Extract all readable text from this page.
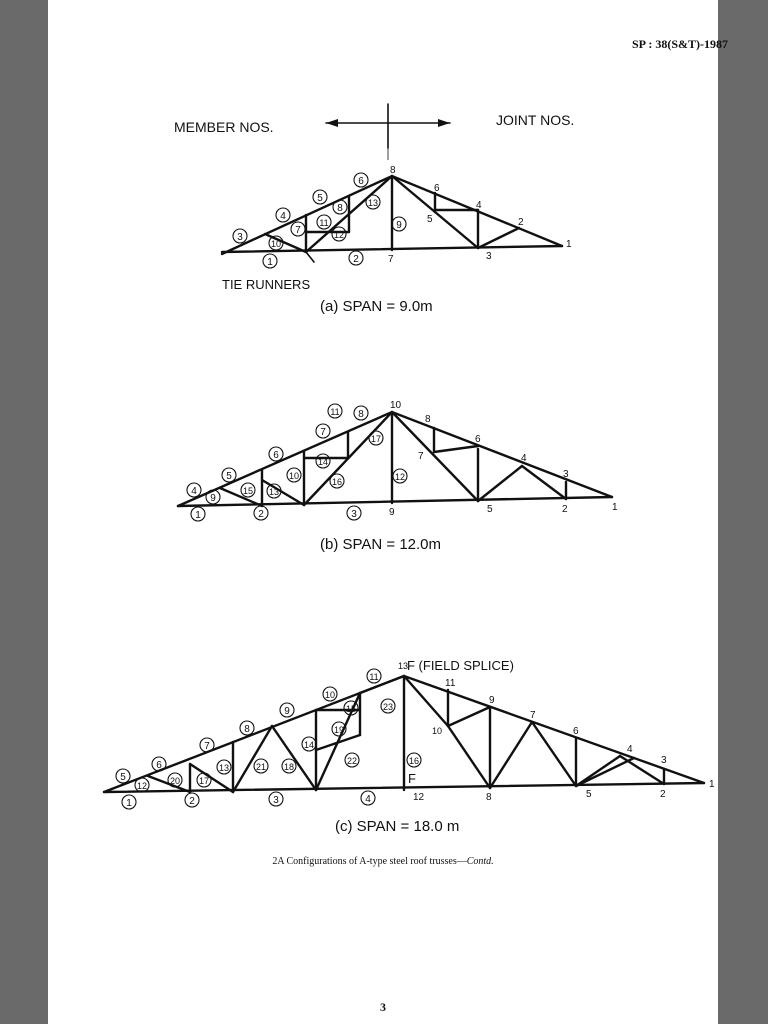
SP : 38(S&T)-1987
2A Configurations of A-type steel roof trusses—Contd.
3
MEMBER NOS.	JOINT NOS.
1	2
3
4
5
6
7
8
9
10
11
12
13
8
6
4
2
1
5
7	3
TIE RUNNERS
(a) SPAN = 9.0m
1	2	3
4
5
6
7
8
9
10
11
12
13
14
15
16
17
10
8
6
4
3
7
9	5	2	1
(b) SPAN = 12.0m
1	2	3	4
5
6
7
8
9
10
11
12
13
14
15
16
17
18
19
20
21
22
23
13
11
9
7
6
4
3
1
10
12	8	5	2
F (FIELD SPLICE)
F
(c) SPAN = 18.0 m
